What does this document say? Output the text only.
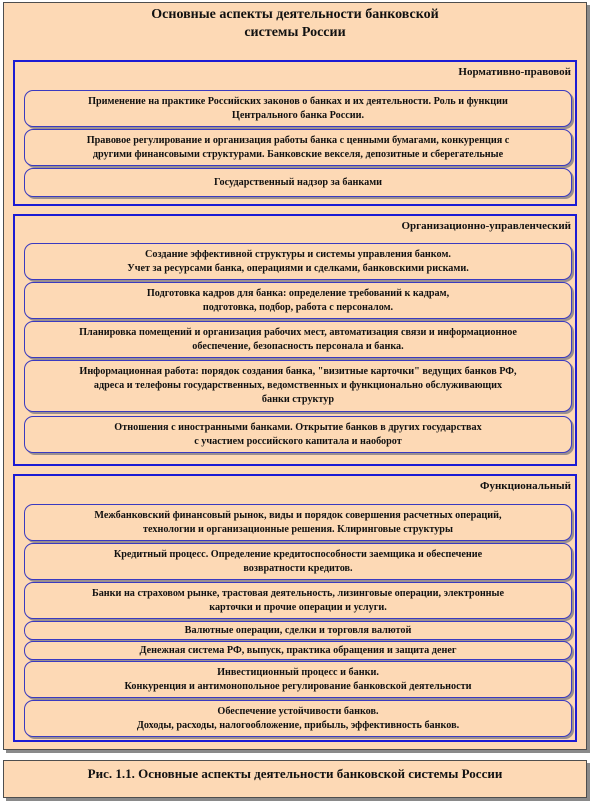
Основные аспекты деятельности банковской
системы России
Нормативно-правовой
Применение на практике Российских законов о банках и их деятельности. Роль и функции
Центрального банка России.
Правовое регулирование и организация работы банка с ценными бумагами, конкуренция с
другими финансовыми структурами. Банковские векселя, депозитные и сберегательные
Государственный надзор за банками
Организационно-управленческий
Создание эффективной структуры и системы управления банком.
Учет за ресурсами банка, операциями и сделками, банковскими рисками.
Подготовка кадров для банка: определение требований к кадрам,
подготовка, подбор, работа с персоналом.
Планировка помещений и организация рабочих мест, автоматизация связи и информационное
обеспечение, безопасность персонала и банка.
Информационная работа: порядок создания банка, "визитные карточки" ведущих банков РФ,
адреса и телефоны государственных, ведомственных и функционально обслуживающих
банки структур
Отношения с иностранными банками. Открытие банков в других государствах
с участием российского капитала и наоборот
Функциональный
Межбанковский финансовый рынок, виды и порядок совершения расчетных операций,
технологии и организационные решения. Клиринговые структуры
Кредитный процесс. Определение кредитоспособности заемщика и обеспечение
возвратности кредитов.
Банки на страховом рынке, трастовая деятельность, лизинговые операции, электронные
карточки и прочие операции и услуги.
Валютные операции, сделки и торговля валютой
Денежная система РФ, выпуск, практика обращения и защита денег
Инвестиционный процесс и банки.
Конкуренция и антимонопольное регулирование банковской деятельности
Обеспечение устойчивости банков.
Доходы, расходы, налогообложение, прибыль, эффективность банков.
Рис. 1.1. Основные аспекты деятельности банковской системы России
